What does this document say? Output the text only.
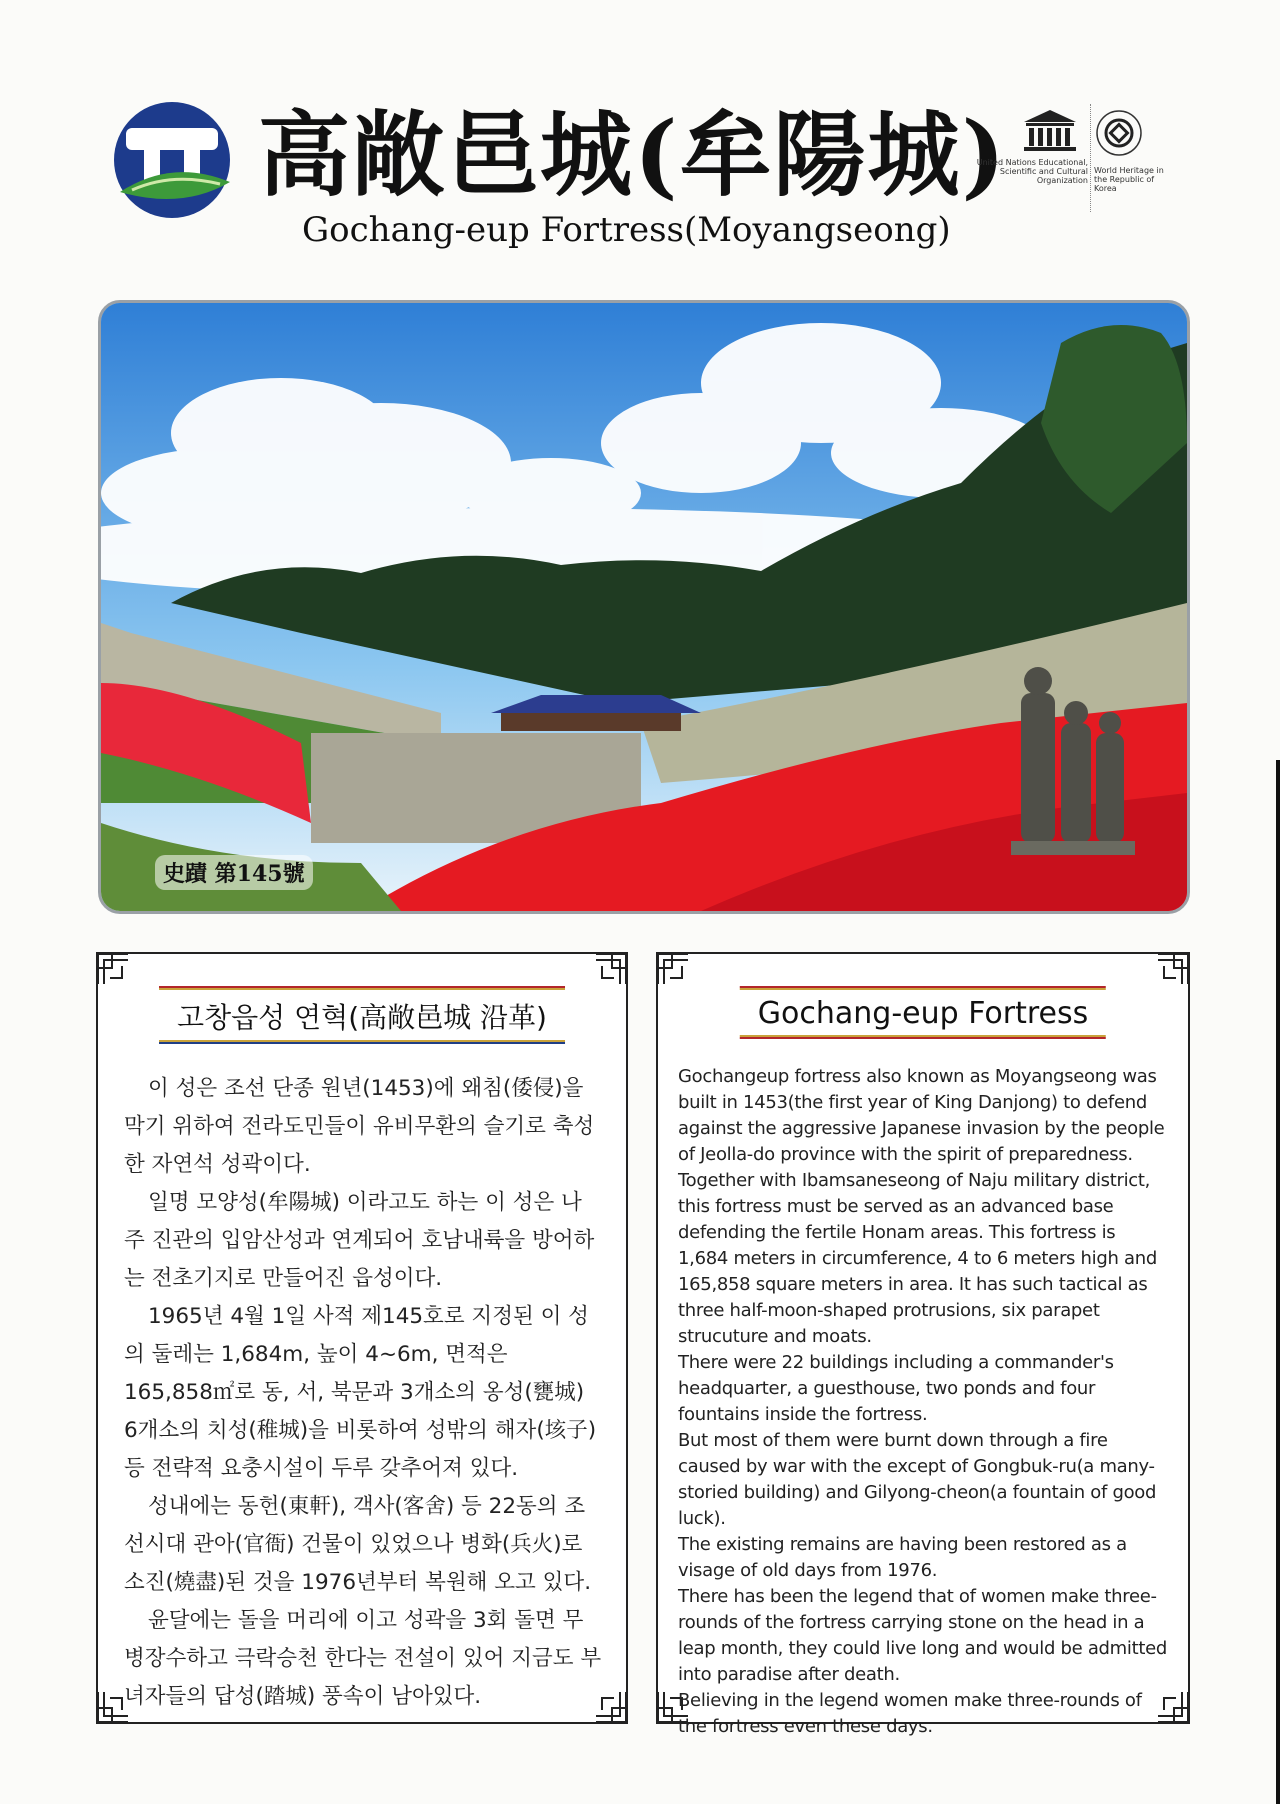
高敞邑城(牟陽城)
Gochang-eup Fortress(Moyangseong)
United Nations Educational, Scientific and Cultural Organization
World Heritage in the Republic of Korea
史蹟 第145號
고창읍성 연혁(高敞邑城 沿革)

이 성은 조선 단종 원년(1453)에 왜침(倭侵)을 막기 위하여 전라도민들이 유비무환의 슬기로 축성한 자연석 성곽이다.

일명 모양성(牟陽城) 이라고도 하는 이 성은 나주 진관의 입암산성과 연계되어 호남내륙을 방어하는 전초기지로 만들어진 읍성이다.

1965년 4월 1일 사적 제145호로 지정된 이 성의 둘레는 1,684m, 높이 4~6m, 면적은 165,858㎡로 동, 서, 북문과 3개소의 옹성(甕城) 6개소의 치성(稚城)을 비롯하여 성밖의 해자(垓子)등 전략적 요충시설이 두루 갖추어져 있다.

성내에는 동헌(東軒), 객사(客舍) 등 22동의 조선시대 관아(官衙) 건물이 있었으나 병화(兵火)로 소진(燒盡)된 것을 1976년부터 복원해 오고 있다.

윤달에는 돌을 머리에 이고 성곽을 3회 돌면 무병장수하고 극락승천 한다는 전설이 있어 지금도 부녀자들의 답성(踏城) 풍속이 남아있다.

Gochang-eup Fortress

Gochangeup fortress also known as Moyangseong was built in 1453(the first year of King Danjong) to defend against the aggressive Japanese invasion by the people of Jeolla-do province with the spirit of preparedness.

Together with Ibamsaneseong of Naju military district, this fortress must be served as an advanced base defending the fertile Honam areas. This fortress is 1,684 meters in circumference, 4 to 6 meters high and 165,858 square meters in area. It has such tactical as three half-moon-shaped protrusions, six parapet strucuture and moats.

There were 22 buildings including a commander's headquarter, a guesthouse, two ponds and four fountains inside the fortress.

But most of them were burnt down through a fire caused by war with the except of Gongbuk-ru(a many-storied building) and Gilyong-cheon(a fountain of good luck).

The existing remains are having been restored as a visage of old days from 1976.

There has been the legend that of women make three-rounds of the fortress carrying stone on the head in a leap month, they could live long and would be admitted into paradise after death.

Believing in the legend women make three-rounds of the fortress even these days.
